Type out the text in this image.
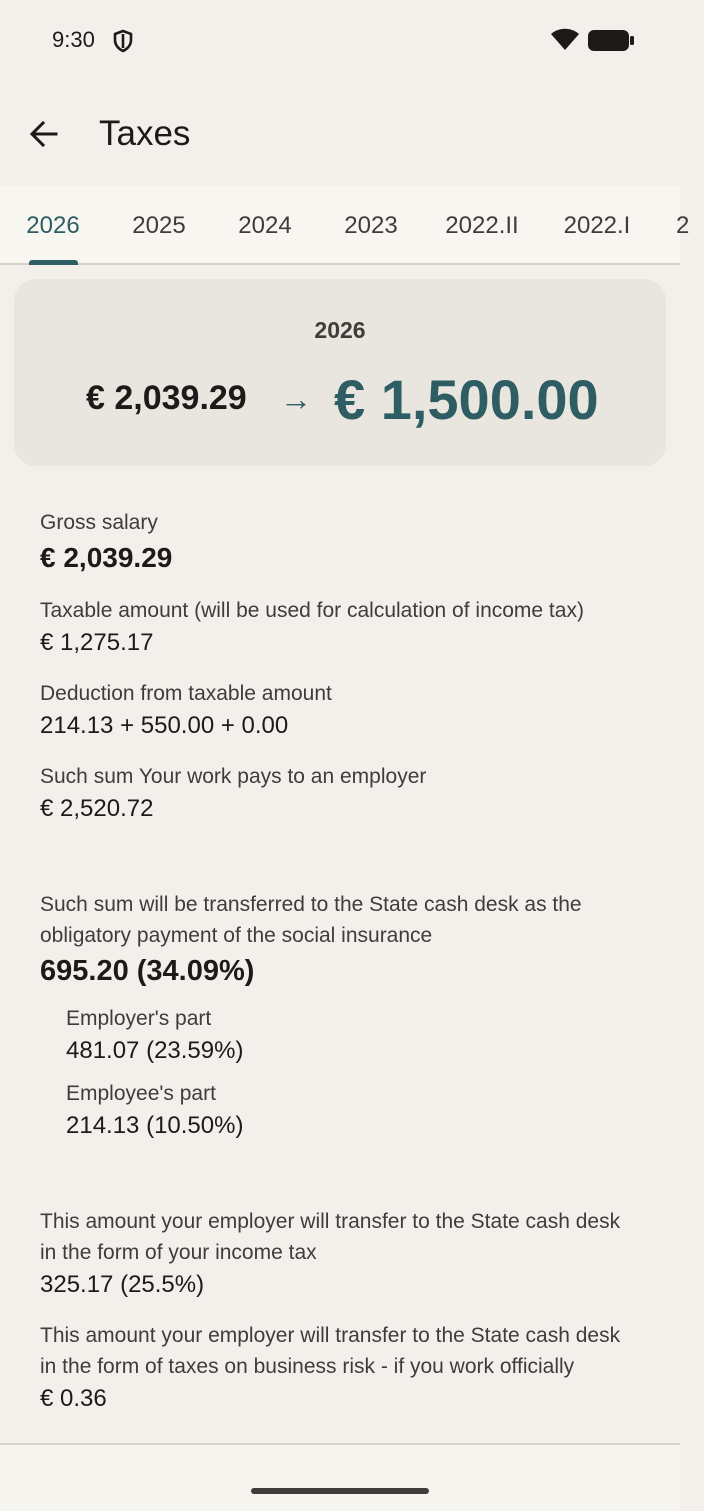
9:30
Taxes
2026	2025	2024	2023	2022.II	2022.I	2
2026
€ 2,039.29 → € 1,500.00
Gross salary
€ 2,039.29
Taxable amount (will be used for calculation of income tax)
€ 1,275.17
Deduction from taxable amount
214.13 + 550.00 + 0.00
Such sum Your work pays to an employer
€ 2,520.72
Such sum will be transferred to the State cash desk as the obligatory payment of the social insurance
695.20 (34.09%)
Employer's part
481.07 (23.59%)
Employee's part
214.13 (10.50%)
This amount your employer will transfer to the State cash desk in the form of your income tax
325.17 (25.5%)
This amount your employer will transfer to the State cash desk in the form of taxes on business risk - if you work officially
€ 0.36
